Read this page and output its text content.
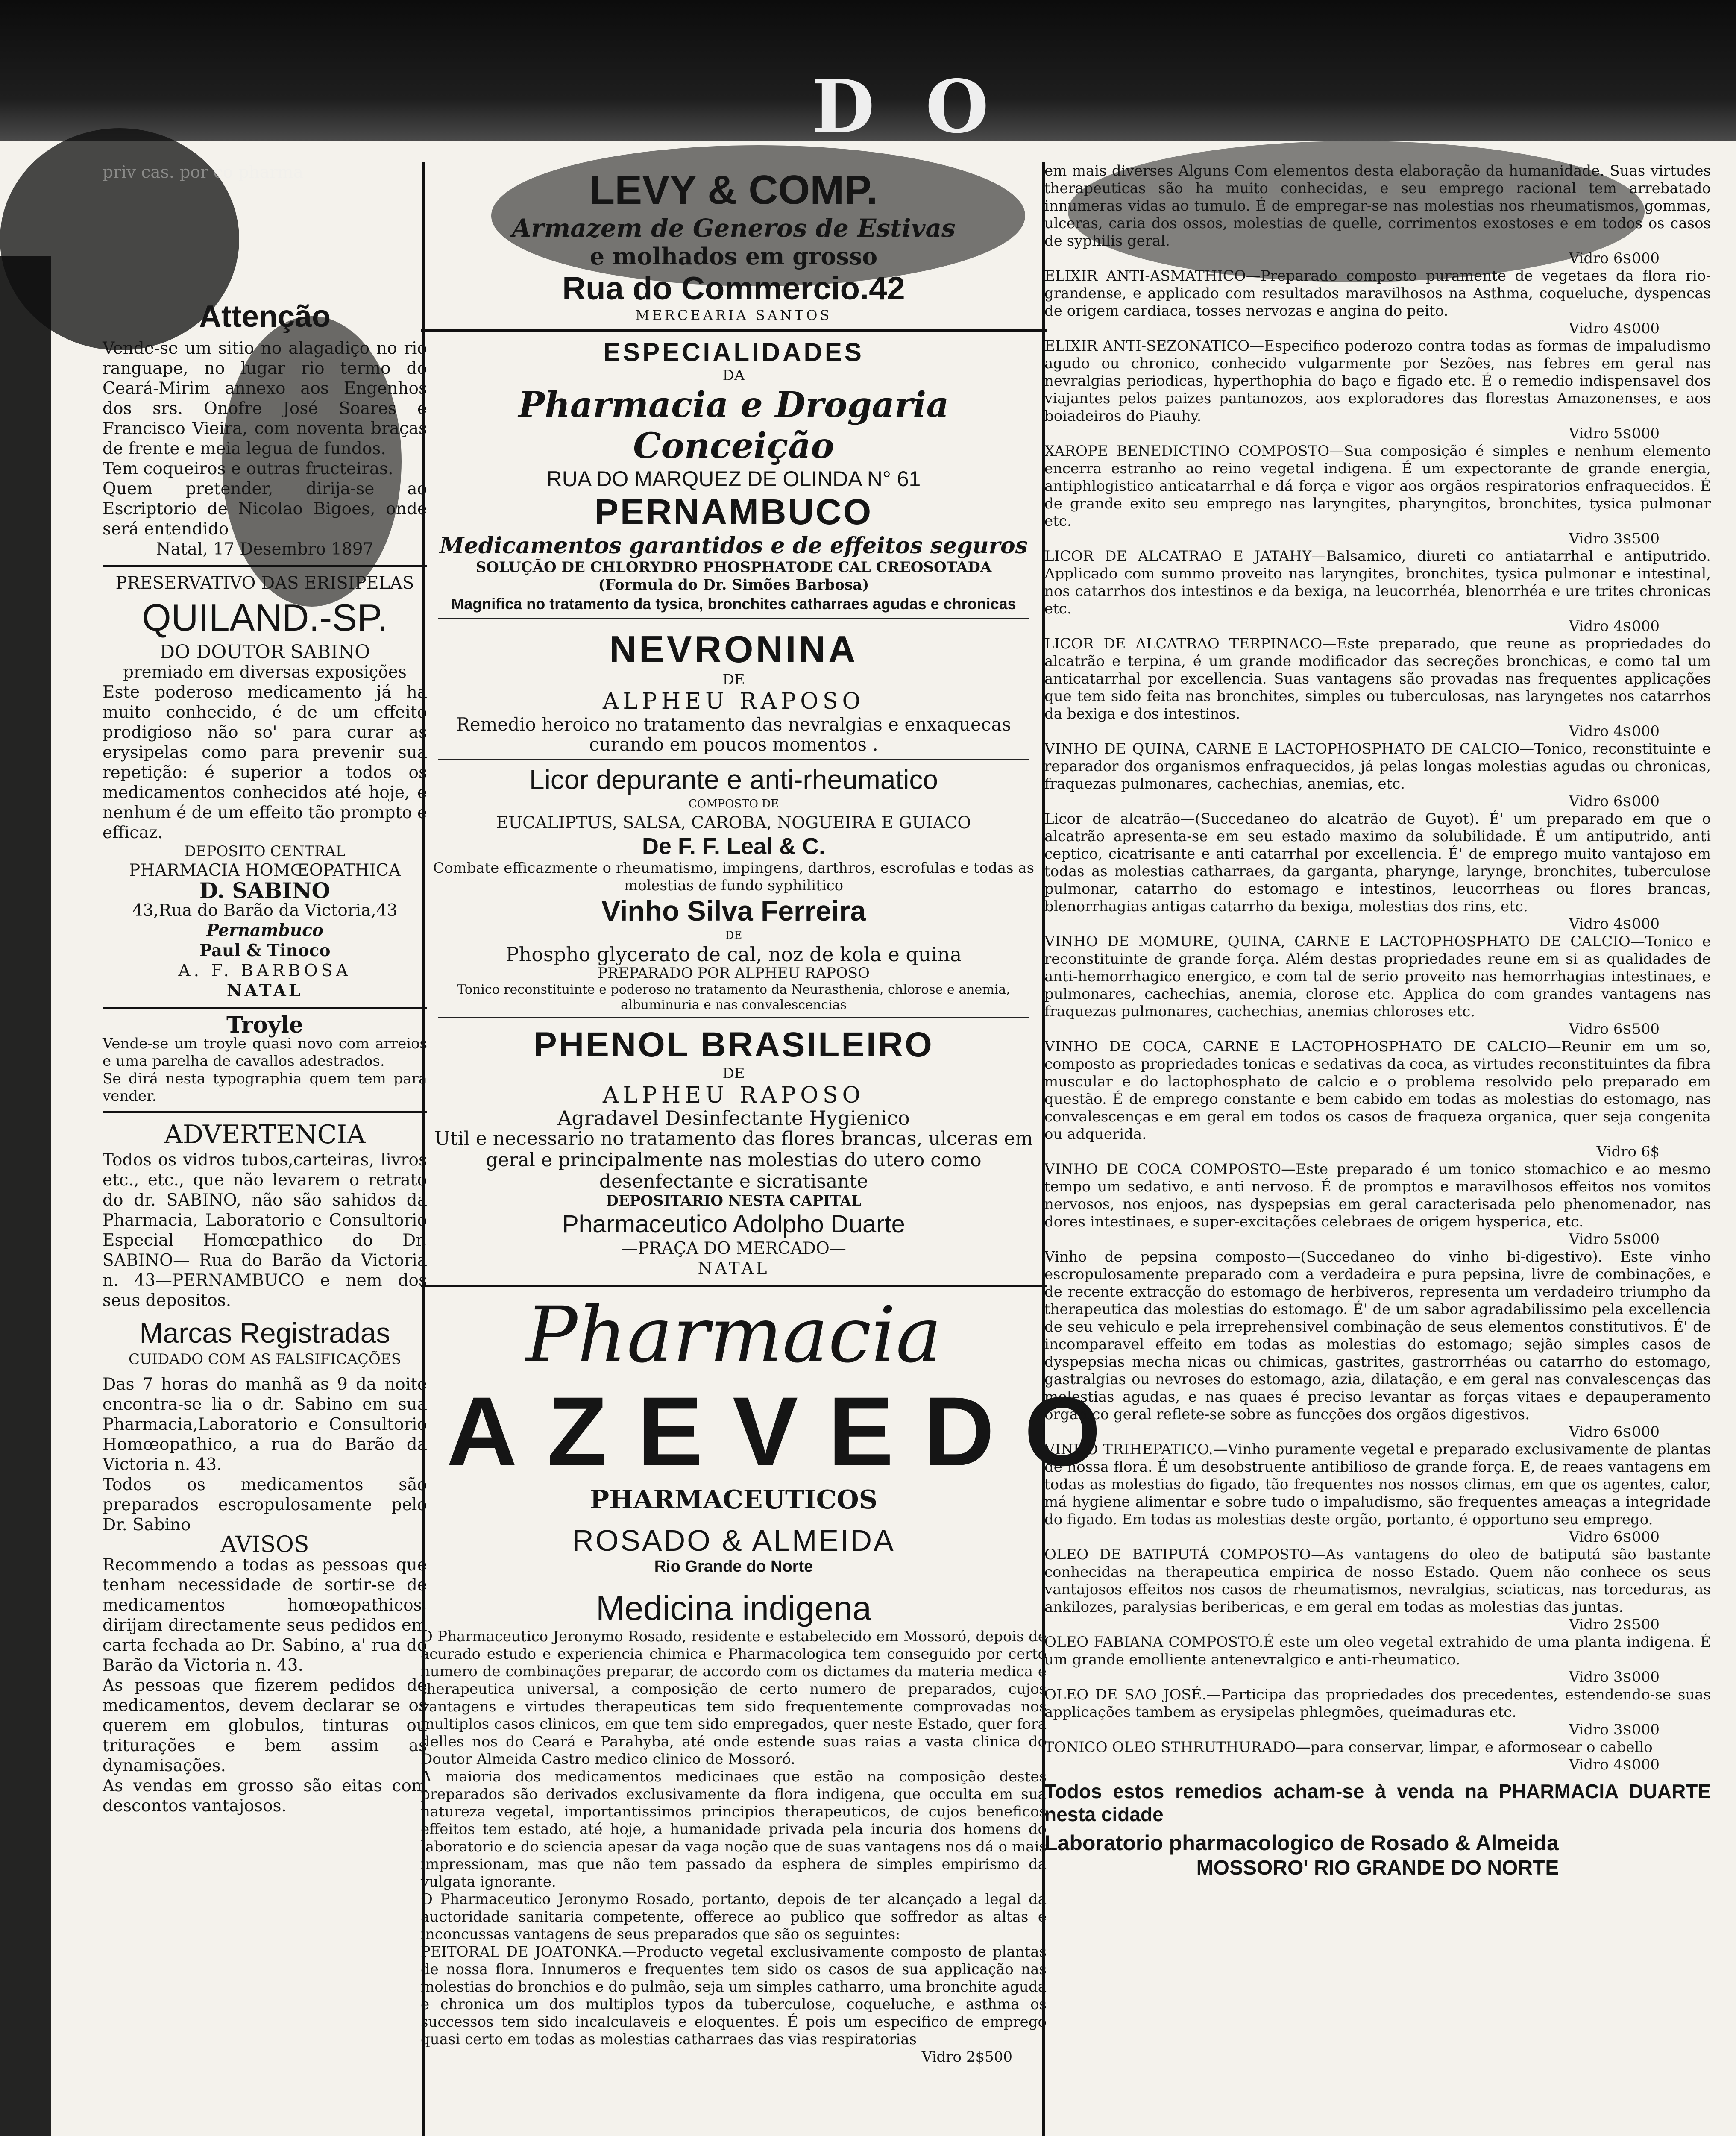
D O

priv cas. por co pharma

Attenção

Vende-se um sitio no alagadiço no rio ranguape, no lugar rio termo do Ceará-Mirim annexo aos Engenhos dos srs. Onofre José Soares e Francisco Vieira, com noventa braças de frente e meia legua de fundos.

Tem coqueiros e outras fructeiras.

Quem pretender, dirija-se ao Escriptorio de Nicolao Bigoes, onde será entendido

Natal, 17 Desembro 1897

PRESERVATIVO DAS ERISIPELAS

QUILAND.-SP.

DO DOUTOR SABINO

premiado em diversas exposições

Este poderoso medicamento já ha muito conhecido, é de um effeito prodigioso não so' para curar as erysipelas como para prevenir sua repetição: é superior a todos os medicamentos conhecidos até hoje, e nenhum é de um effeito tão prompto e efficaz.

DEPOSITO CENTRAL

PHARMACIA HOMŒOPATHICA

D. SABINO

43,Rua do Barão da Victoria,43

Pernambuco

Paul & Tinoco

A. F. BARBOSA

NATAL

Troyle

Vende-se um troyle quasi novo com arreios e uma parelha de cavallos adestrados.

Se dirá nesta typographia quem tem para vender.

ADVERTENCIA

Todos os vidros tubos,carteiras, livros etc., etc., que não levarem o retrato do dr. SABINO, não são sahidos da Pharmacia, Laboratorio e Consultorio Especial Homœpathico do Dr. SABINO— Rua do Barão da Victoria n. 43—PERNAMBUCO e nem dos seus depositos.

Marcas Registradas

CUIDADO COM AS FALSIFICAÇÕES

Das 7 horas do manhã as 9 da noite encontra-se lia o dr. Sabino em sua Pharmacia,Laboratorio e Consultorio Homœopathico, a rua do Barão da Victoria n. 43.

Todos os medicamentos são preparados escropulosamente pelo Dr. Sabino

AVISOS

Recommendo a todas as pessoas que tenham necessidade de sortir-se de medicamentos homœopathicos, dirijam directamente seus pedidos em carta fechada ao Dr. Sabino, a' rua do Barão da Victoria n. 43.

As pessoas que fizerem pedidos de medicamentos, devem declarar se os querem em globulos, tinturas ou triturações e bem assim as dynamisações.

As vendas em grosso são eitas com descontos vantajosos.

LEVY & COMP.
Armazem de Generos de Estivas
e molhados em grosso
Rua do Commercio.42
MERCEARIA SANTOS
ESPECIALIDADES
DA
Pharmacia e Drogaria Conceição
RUA DO MARQUEZ DE OLINDA N° 61
PERNAMBUCO
Medicamentos garantidos e de effeitos seguros
SOLUÇÃO DE CHLORYDRO PHOSPHATODE CAL CREOSOTADA
(Formula do Dr. Simões Barbosa)
Magnifica no tratamento da tysica, bronchites catharraes agudas e chronicas
NEVRONINA
DE
ALPHEU RAPOSO

Remedio heroico no tratamento das nevralgias e enxaquecas curando em poucos momentos .

Licor depurante e anti-rheumatico
COMPOSTO DE
EUCALIPTUS, SALSA, CAROBA, NOGUEIRA E GUIACO
De F. F. Leal & C.

Combate efficazmente o rheumatismo, impingens, darthros, escrofulas e todas as molestias de fundo syphilitico

Vinho Silva Ferreira
DE
Phospho glycerato de cal, noz de kola e quina
PREPARADO POR ALPHEU RAPOSO

Tonico reconstituinte e poderoso no tratamento da Neurasthenia, chlorose e anemia, albuminuria e nas convalescencias

PHENOL BRASILEIRO
DE
ALPHEU RAPOSO
Agradavel Desinfectante Hygienico

Util e necessario no tratamento das flores brancas, ulceras em geral e principalmente nas molestias do utero como desenfectante e sicratisante

DEPOSITARIO NESTA CAPITAL
Pharmaceutico Adolpho Duarte
—PRAÇA DO MERCADO—
NATAL
Pharmacia
AZEVEDO
PHARMACEUTICOS
ROSADO & ALMEIDA
Rio Grande do Norte
Medicina indigena

O Pharmaceutico Jeronymo Rosado, residente e estabelecido em Mossoró, depois de acurado estudo e experiencia chimica e Pharmacologica tem conseguido por certo numero de combinações preparar, de accordo com os dictames da materia medica e therapeutica universal, a composição de certo numero de preparados, cujos vantagens e virtudes therapeuticas tem sido frequentemente comprovadas nos multiplos casos clinicos, em que tem sido empregados, quer neste Estado, quer fora delles nos do Ceará e Parahyba, até onde estende suas raias a vasta clinica do Doutor Almeida Castro medico clinico de Mossoró.

A maioria dos medicamentos medicinaes que estão na composição destes preparados são derivados exclusivamente da flora indigena, que occulta em sua natureza vegetal, importantissimos principios therapeuticos, de cujos beneficos effeitos tem estado, até hoje, a humanidade privada pela incuria dos homens do laboratorio e do sciencia apesar da vaga noção que de suas vantagens nos dá o mais impressionam, mas que não tem passado da esphera de simples empirismo da vulgata ignorante.

O Pharmaceutico Jeronymo Rosado, portanto, depois de ter alcançado a legal da auctoridade sanitaria competente, offerece ao publico que soffredor as altas e inconcussas vantagens de seus preparados que são os seguintes:

PEITORAL DE JOATONKA.—Producto vegetal exclusivamente composto de plantas de nossa flora. Innumeros e frequentes tem sido os casos de sua applicação nas molestias do bronchios e do pulmão, seja um simples catharro, uma bronchite aguda e chronica um dos multiplos typos da tuberculose, coqueluche, e asthma os successos tem sido incalculaveis e eloquentes. É pois um especifico de emprego quasi certo em todas as molestias catharraes das vias respiratorias

Vidro 2$500

em mais diverses Alguns Com elementos desta elaboração da humanidade. Suas virtudes therapeuticas são ha muito conhecidas, e seu emprego racional tem arrebatado innumeras vidas ao tumulo. É de empregar-se nas molestias nos rheumatismos, gommas, ulceras, caria dos ossos, molestias de quelle, corrimentos exostoses e em todos os casos de syphilis geral.

Vidro 6$000

ELIXIR ANTI-ASMATHICO—Preparado composto puramente de vegetaes da flora rio-grandense, e applicado com resultados maravilhosos na Asthma, coqueluche, dyspencas de origem cardiaca, tosses nervozas e angina do peito.

Vidro 4$000

ELIXIR ANTI-SEZONATICO—Especifico poderozo contra todas as formas de impaludismo agudo ou chronico, conhecido vulgarmente por Sezões, nas febres em geral nas nevralgias periodicas, hyperthophia do baço e figado etc. É o remedio indispensavel dos viajantes pelos paizes pantanozos, aos exploradores das florestas Amazonenses, e aos boiadeiros do Piauhy.

Vidro 5$000

XAROPE BENEDICTINO COMPOSTO—Sua composição é simples e nenhum elemento encerra estranho ao reino vegetal indigena. É um expectorante de grande energia, antiphlogistico anticatarrhal e dá força e vigor aos orgãos respiratorios enfraquecidos. É de grande exito seu emprego nas laryngites, pharyngitos, bronchites, tysica pulmonar etc.

Vidro 3$500

LICOR DE ALCATRAO E JATAHY—Balsamico, diureti co antiatarrhal e antiputrido. Applicado com summo proveito nas laryngites, bronchites, tysica pulmonar e intestinal, nos catarrhos dos intestinos e da bexiga, na leucorrhéa, blenorrhéa e ure trites chronicas etc.

Vidro 4$000

LICOR DE ALCATRAO TERPINACO—Este preparado, que reune as propriedades do alcatrão e terpina, é um grande modificador das secreções bronchicas, e como tal um anticatarrhal por excellencia. Suas vantagens são provadas nas frequentes applicações que tem sido feita nas bronchites, simples ou tuberculosas, nas laryngetes nos catarrhos da bexiga e dos intestinos.

Vidro 4$000

VINHO DE QUINA, CARNE E LACTOPHOSPHATO DE CALCIO—Tonico, reconstituinte e reparador dos organismos enfraquecidos, já pelas longas molestias agudas ou chronicas, fraquezas pulmonares, cachechias, anemias, etc.

Vidro 6$000

Licor de alcatrão—(Succedaneo do alcatrão de Guyot). É' um preparado em que o alcatrão apresenta-se em seu estado maximo da solubilidade. É um antiputrido, anti ceptico, cicatrisante e anti catarrhal por excellencia. É' de emprego muito vantajoso em todas as molestias catharraes, da garganta, pharynge, larynge, bronchites, tuberculose pulmonar, catarrho do estomago e intestinos, leucorrheas ou flores brancas, blenorrhagias antigas catarrho da bexiga, molestias dos rins, etc.

Vidro 4$000

VINHO DE MOMURE, QUINA, CARNE E LACTOPHOSPHATO DE CALCIO—Tonico e reconstituinte de grande força. Além destas propriedades reune em si as qualidades de anti-hemorrhagico energico, e com tal de serio proveito nas hemorrhagias intestinaes, e pulmonares, cachechias, anemia, clorose etc. Applica do com grandes vantagens nas fraquezas pulmonares, cachechias, anemias chloroses etc.

Vidro 6$500

VINHO DE COCA, CARNE E LACTOPHOSPHATO DE CALCIO—Reunir em um so, composto as propriedades tonicas e sedativas da coca, as virtudes reconstituintes da fibra muscular e do lactophosphato de calcio e o problema resolvido pelo preparado em questão. É de emprego constante e bem cabido em todas as molestias do estomago, nas convalescenças e em geral em todos os casos de fraqueza organica, quer seja congenita ou adquerida.

Vidro 6$

VINHO DE COCA COMPOSTO—Este preparado é um tonico stomachico e ao mesmo tempo um sedativo, e anti nervoso. É de promptos e maravilhosos effeitos nos vomitos nervosos, nos enjoos, nas dyspepsias em geral caracterisada pelo phenomenador, nas dores intestinaes, e super-excitações celebraes de origem hysperica, etc.

Vidro 5$000

Vinho de pepsina composto—(Succedaneo do vinho bi-digestivo). Este vinho escropulosamente preparado com a verdadeira e pura pepsina, livre de combinações, e de recente extracção do estomago de herbiveros, representa um verdadeiro triumpho da therapeutica das molestias do estomago. É' de um sabor agradabilissimo pela excellencia de seu vehiculo e pela irreprehensivel combinação de seus elementos constitutivos. É' de incomparavel effeito em todas as molestias do estomago; sejão simples casos de dyspepsias mecha nicas ou chimicas, gastrites, gastrorrhéas ou catarrho do estomago, gastralgias ou nevroses do estomago, azia, dilatação, e em geral nas convalescenças das molestias agudas, e nas quaes é preciso levantar as forças vitaes e depauperamento organico geral reflete-se sobre as funcções dos orgãos digestivos.

Vidro 6$000

VINHO TRIHEPATICO.—Vinho puramente vegetal e preparado exclusivamente de plantas de nossa flora. É um desobstruente antibilioso de grande força. E, de reaes vantagens em todas as molestias do figado, tão frequentes nos nossos climas, em que os agentes, calor, má hygiene alimentar e sobre tudo o impaludismo, são frequentes ameaças a integridade do figado. Em todas as molestias deste orgão, portanto, é opportuno seu emprego.

Vidro 6$000

OLEO DE BATIPUTÁ COMPOSTO—As vantagens do oleo de batiputá são bastante conhecidas na therapeutica empirica de nosso Estado. Quem não conhece os seus vantajosos effeitos nos casos de rheumatismos, nevralgias, sciaticas, nas torceduras, as ankilozes, paralysias beribericas, e em geral em todas as molestias das juntas.

Vidro 2$500

OLEO FABIANA COMPOSTO.É este um oleo vegetal extrahido de uma planta indigena. É um grande emolliente antenevralgico e anti-rheumatico.

Vidro 3$000

OLEO DE SAO JOSÉ.—Participa das propriedades dos precedentes, estendendo-se suas applicações tambem as erysipelas phlegmões, queimaduras etc.

Vidro 3$000

TONICO OLEO STHRUTHURADO—para conservar, limpar, e aformosear o cabello

Vidro 4$000

Todos estos remedios acham-se à venda na PHARMACIA DUARTE nesta cidade

Laboratorio pharmacologico de Rosado & Almeida

MOSSORO' RIO GRANDE DO NORTE
